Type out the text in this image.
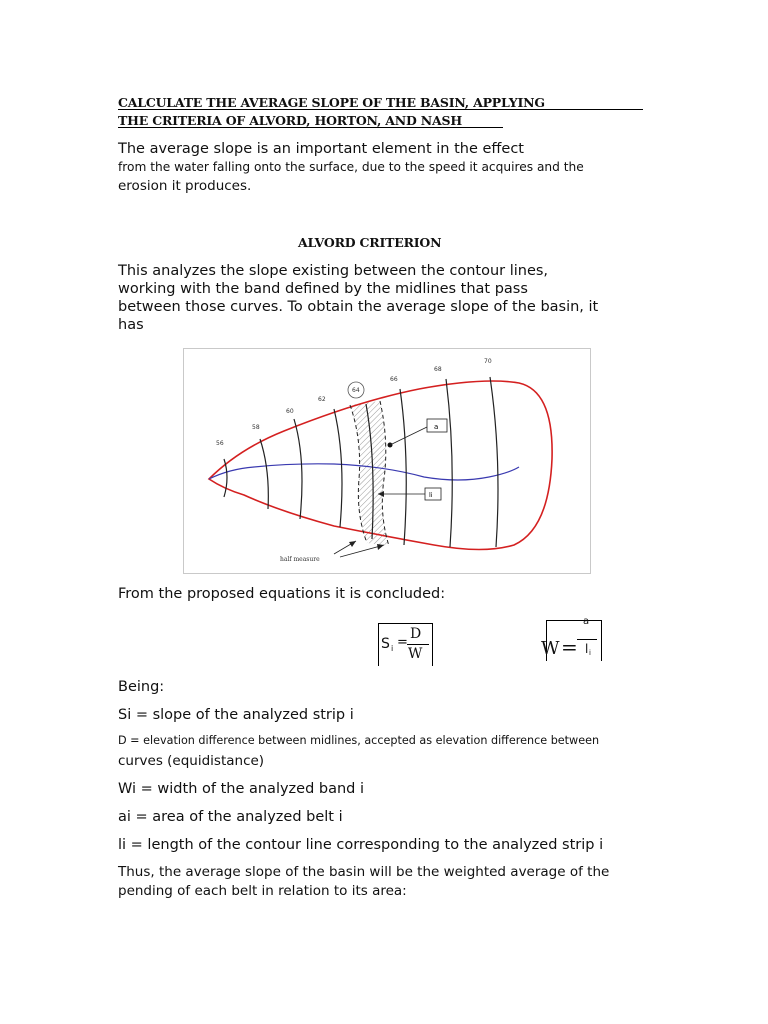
CALCULATE THE AVERAGE SLOPE OF THE BASIN, APPLYING
THE CRITERIA OF ALVORD, HORTON, AND NASH
The average slope is an important element in the effect
from the water falling onto the surface, due to the speed it acquires and the
erosion it produces.
ALVORD CRITERION
This analyzes the slope existing between the contour lines,
working with the band defined by the midlines that pass
between those curves. To obtain the average slope of the basin, it
has
56
58
60
62
64
66
68
70
a
li
half measure
From the proposed equations it is concluded:
S i =
D
W	W =
a
l i
Being:
Si = slope of the analyzed strip i
D = elevation difference between midlines, accepted as elevation difference between
curves (equidistance)
Wi = width of the analyzed band i
ai = area of the analyzed belt i
li = length of the contour line corresponding to the analyzed strip i
Thus, the average slope of the basin will be the weighted average of the
pending of each belt in relation to its area:
